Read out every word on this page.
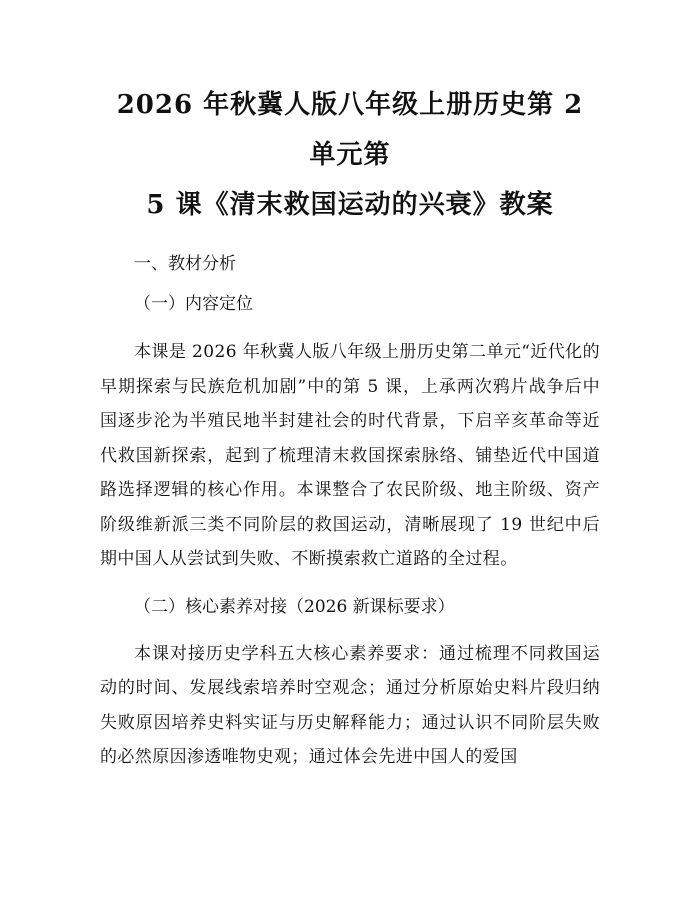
2026 年秋冀人版八年级上册历史第 2 单元第
5 课《清末救国运动的兴衰》教案

一、教材分析

（一）内容定位

本课是 2026 年秋冀人版八年级上册历史第二单元“近代化的早期探索与民族危机加剧”中的第 5 课，上承两次鸦片战争后中国逐步沦为半殖民地半封建社会的时代背景，下启辛亥革命等近代救国新探索，起到了梳理清末救国探索脉络、铺垫近代中国道路选择逻辑的核心作用。本课整合了农民阶级、地主阶级、资产阶级维新派三类不同阶层的救国运动，清晰展现了 19 世纪中后期中国人从尝试到失败、不断摸索救亡道路的全过程。

（二）核心素养对接（2026 新课标要求）

本课对接历史学科五大核心素养要求：通过梳理不同救国运动的时间、发展线索培养时空观念；通过分析原始史料片段归纳失败原因培养史料实证与历史解释能力；通过认识不同阶层失败的必然原因渗透唯物史观；通过体会先进中国人的爱国
